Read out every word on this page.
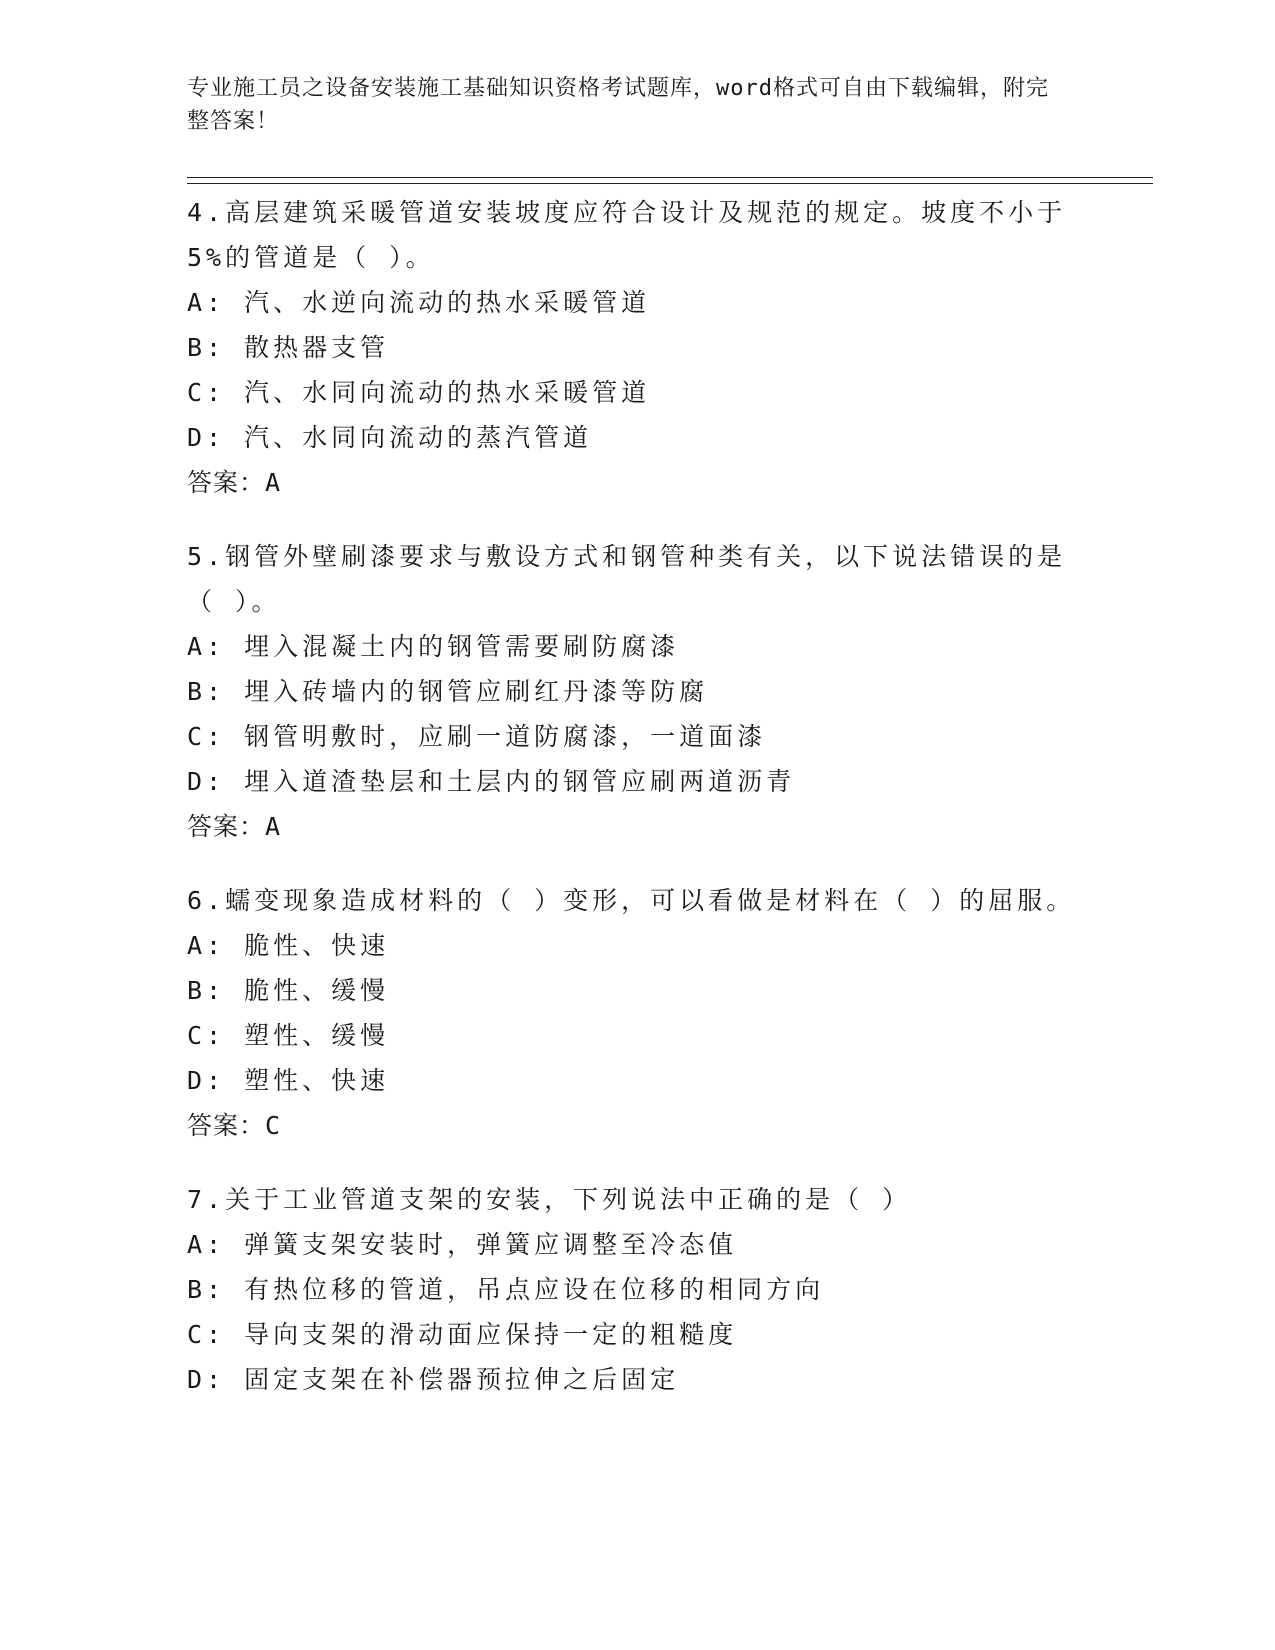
专业施工员之设备安装施工基础知识资格考试题库，word格式可自由下载编辑，附完整答案！
4.高层建筑采暖管道安装坡度应符合设计及规范的规定。坡度不小于5%的管道是（ ）。
A: 汽、水逆向流动的热水采暖管道
B: 散热器支管
C: 汽、水同向流动的热水采暖管道
D: 汽、水同向流动的蒸汽管道
答案：A
5.钢管外壁刷漆要求与敷设方式和钢管种类有关，以下说法错误的是（ ）。
A: 埋入混凝土内的钢管需要刷防腐漆
B: 埋入砖墙内的钢管应刷红丹漆等防腐
C: 钢管明敷时，应刷一道防腐漆，一道面漆
D: 埋入道渣垫层和土层内的钢管应刷两道沥青
答案：A
6.蠕变现象造成材料的（ ）变形，可以看做是材料在（ ）的屈服。
A: 脆性、快速
B: 脆性、缓慢
C: 塑性、缓慢
D: 塑性、快速
答案：C
7.关于工业管道支架的安装，下列说法中正确的是（ ）
A: 弹簧支架安装时，弹簧应调整至冷态值
B: 有热位移的管道，吊点应设在位移的相同方向
C: 导向支架的滑动面应保持一定的粗糙度
D: 固定支架在补偿器预拉伸之后固定
